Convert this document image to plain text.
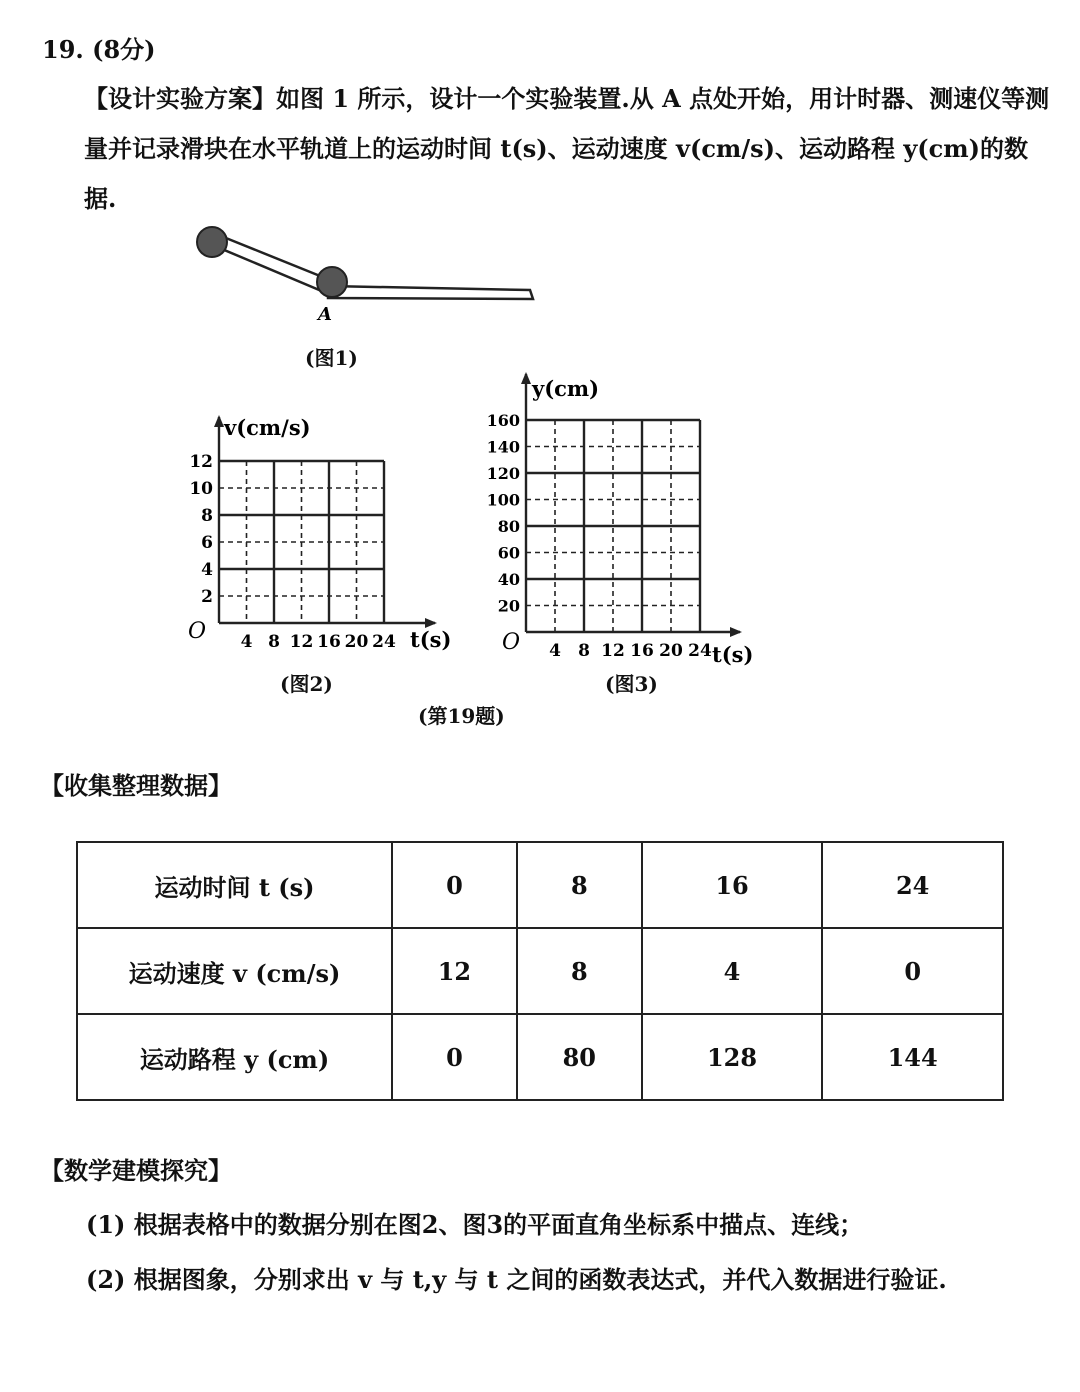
19. (8分)
【设计实验方案】如图 1 所示，设计一个实验装置.从 A 点处开始，用计时器、测速仪等测量并记录滑块在水平轨道上的运动时间 t(s)、运动速度 v(cm/s)、运动路程 y(cm)的数据.
A
(图1)
2
4
6
8
10
12
4 8 12 16 20 24
v(cm/s)
t(s)
O
(图2)
20
40
60
80
100
120
140
160
4 8 12 16 20 24
y(cm)
t(s)
O
(图3)
(第19题)
【收集整理数据】
运动时间 t (s)	0	8	16	24
运动速度 v (cm/s)	12	8	4	0
运动路程 y (cm)	0	80	128	144
【数学建模探究】
(1) 根据表格中的数据分别在图2、图3的平面直角坐标系中描点、连线；
(2) 根据图象，分别求出 v 与 t,y 与 t 之间的函数表达式，并代入数据进行验证.
